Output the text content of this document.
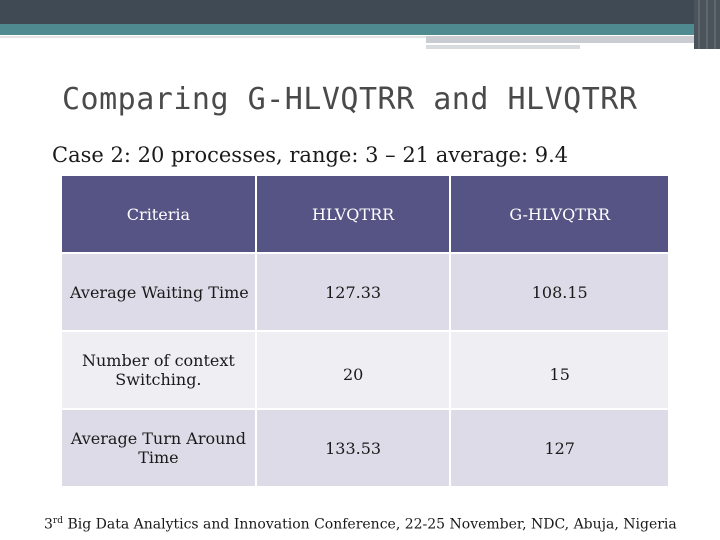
Comparing G-HLVQTRR and HLVQTRR
Case 2: 20 processes, range: 3 – 21 average: 9.4
Criteria	HLVQTRR	G-HLVQTRR
Average Waiting Time	127.33	108.15
Number of context Switching.	20	15
Average Turn Around Time	133.53	127
3rd Big Data Analytics and Innovation Conference, 22-25 November, NDC, Abuja, Nigeria
